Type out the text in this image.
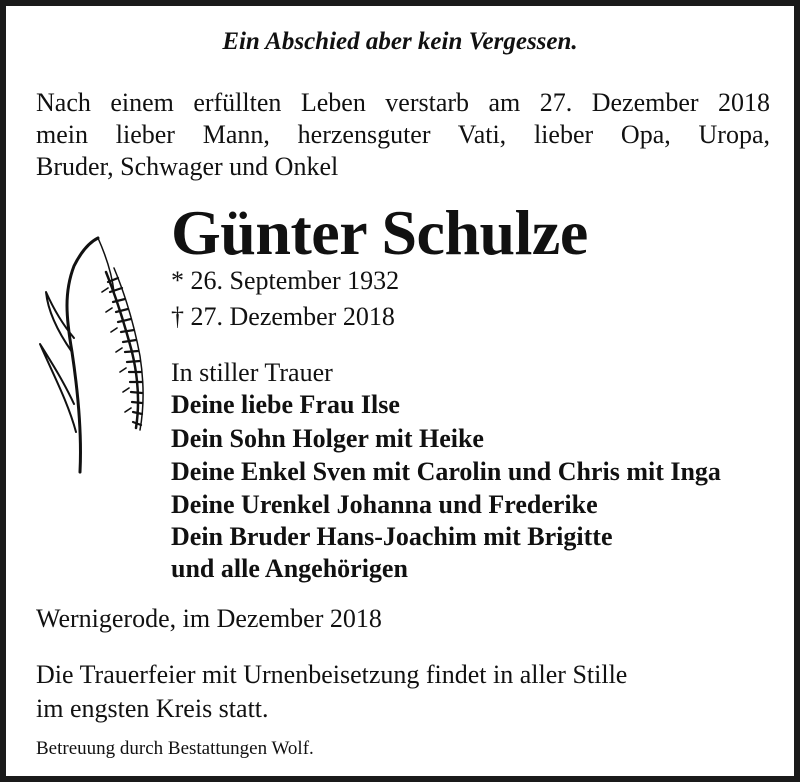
Ein Abschied aber kein Vergessen.
Nach einem erfüllten Leben verstarb am 27. Dezember 2018
mein lieber Mann, herzensguter Vati, lieber Opa, Uropa,
Bruder, Schwager und Onkel
Günter Schulze
* 26. September 1932
† 27. Dezember 2018
In stiller Trauer
Deine liebe Frau Ilse
Dein Sohn Holger mit Heike
Deine Enkel Sven mit Carolin und Chris mit Inga
Deine Urenkel Johanna und Frederike
Dein Bruder Hans-Joachim mit Brigitte
und alle Angehörigen
Wernigerode, im Dezember 2018
Die Trauerfeier mit Urnenbeisetzung findet in aller Stille
im engsten Kreis statt.
Betreuung durch Bestattungen Wolf.
